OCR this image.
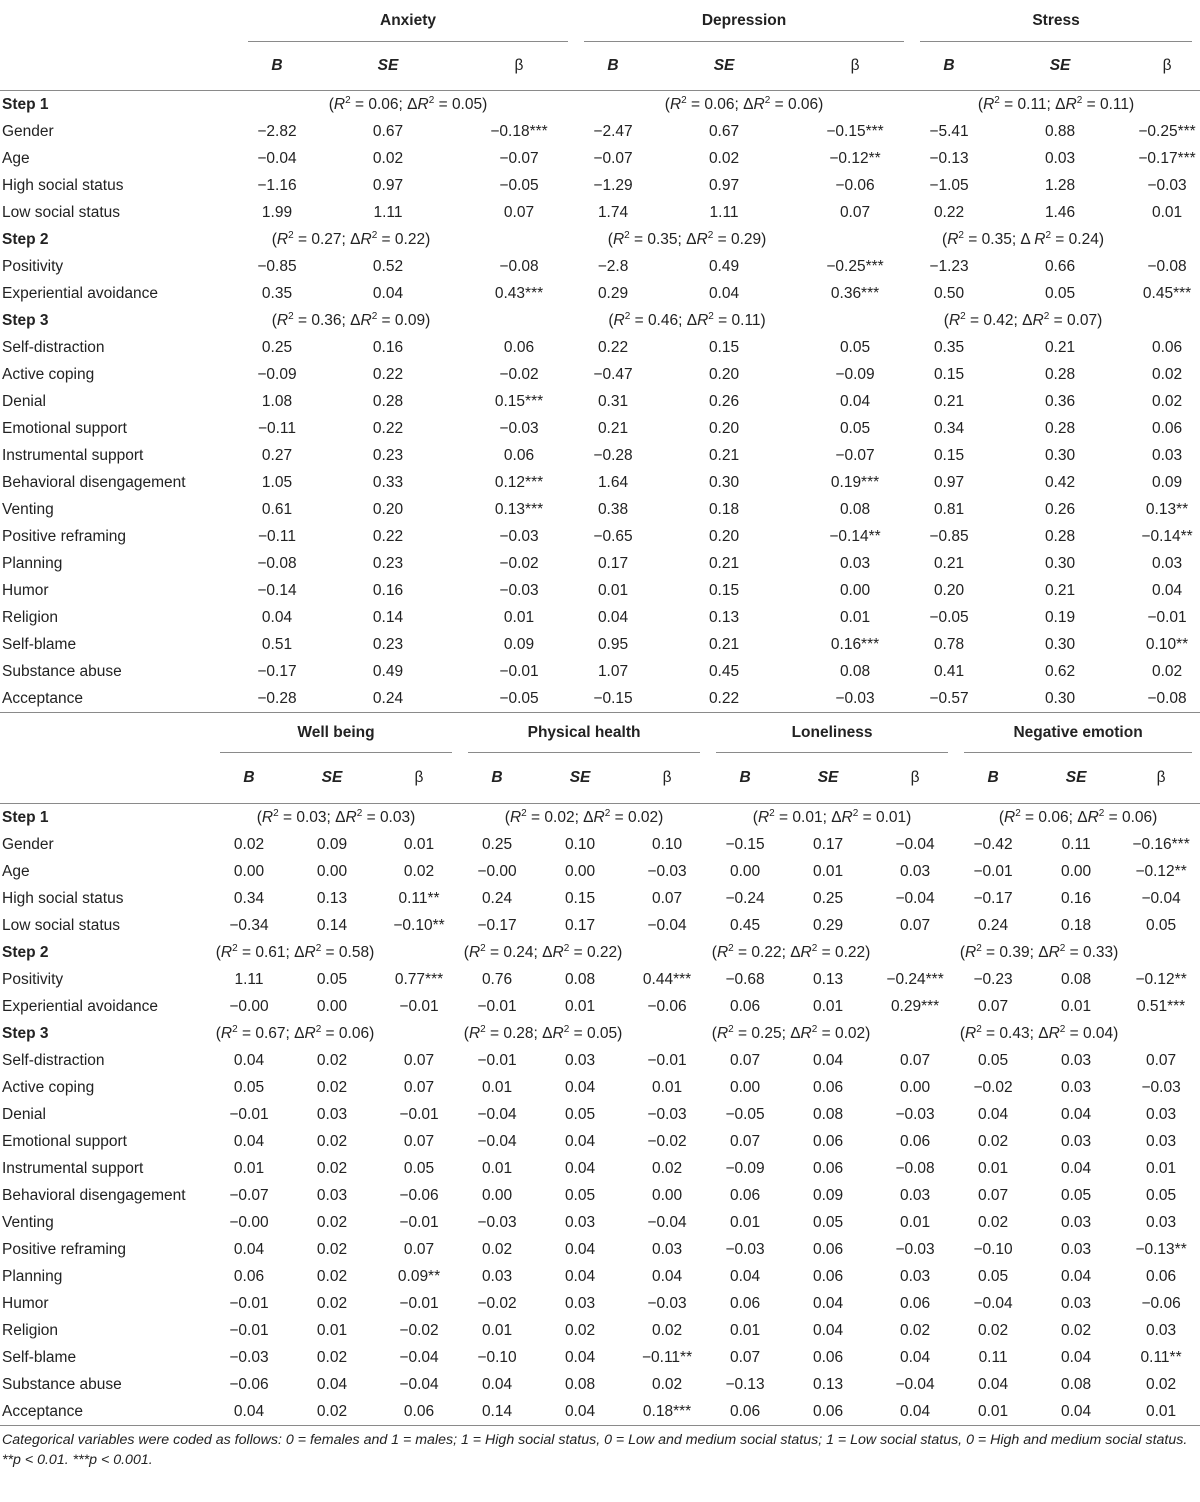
	Anxiety			Depression			Stress		
	B	SE	β	B	SE	β	B	SE	β
Step 1	($R^2 = 0.06$; $\Delta R^2 = 0.05$)			($R^2 = 0.06$; $\Delta R^2 = 0.06$)			($R^2 = 0.11$; $\Delta R^2 = 0.11$)		
Gender	−2.82	0.67	−0.18***	−2.47	0.67	−0.15***	−5.41	0.88	−0.25***
Age	−0.04	0.02	−0.07	−0.07	0.02	−0.12**	−0.13	0.03	−0.17***
High social status	−1.16	0.97	−0.05	−1.29	0.97	−0.06	−1.05	1.28	−0.03
Low social status	1.99	1.11	0.07	1.74	1.11	0.07	0.22	1.46	0.01
Step 2	($R^2 = 0.27$; $\Delta R^2 = 0.22$)			($R^2 = 0.35$; $\Delta R^2 = 0.29$)			($R^2 = 0.35$; Δ $R^2 = 0.24$)		
Positivity	−0.85	0.52	−0.08	−2.8	0.49	−0.25***	−1.23	0.66	−0.08
Experiential avoidance	0.35	0.04	0.43***	0.29	0.04	0.36***	0.50	0.05	0.45***
Step 3	($R^2 = 0.36$; $\Delta R^2 = 0.09$)			($R^2 = 0.46$; $\Delta R^2 = 0.11$)			($R^2 = 0.42$; $\Delta R^2 = 0.07$)		
Self-distraction	0.25	0.16	0.06	0.22	0.15	0.05	0.35	0.21	0.06
Active coping	−0.09	0.22	−0.02	−0.47	0.20	−0.09	0.15	0.28	0.02
Denial	1.08	0.28	0.15***	0.31	0.26	0.04	0.21	0.36	0.02
Emotional support	−0.11	0.22	−0.03	0.21	0.20	0.05	0.34	0.28	0.06
Instrumental support	0.27	0.23	0.06	−0.28	0.21	−0.07	0.15	0.30	0.03
Behavioral disengagement	1.05	0.33	0.12***	1.64	0.30	0.19***	0.97	0.42	0.09
Venting	0.61	0.20	0.13***	0.38	0.18	0.08	0.81	0.26	0.13**
Positive reframing	−0.11	0.22	−0.03	−0.65	0.20	−0.14**	−0.85	0.28	−0.14**
Planning	−0.08	0.23	−0.02	0.17	0.21	0.03	0.21	0.30	0.03
Humor	−0.14	0.16	−0.03	0.01	0.15	0.00	0.20	0.21	0.04
Religion	0.04	0.14	0.01	0.04	0.13	0.01	−0.05	0.19	−0.01
Self-blame	0.51	0.23	0.09	0.95	0.21	0.16***	0.78	0.30	0.10**
Substance abuse	−0.17	0.49	−0.01	1.07	0.45	0.08	0.41	0.62	0.02
Acceptance	−0.28	0.24	−0.05	−0.15	0.22	−0.03	−0.57	0.30	−0.08
	Well being			Physical health			Loneliness			Negative emotion		
	B	SE	β	B	SE	β	B	SE	β	B	SE	β
Step 1	($R^2 = 0.03$; $\Delta R^2 = 0.03$)			($R^2 = 0.02$; $\Delta R^2 = 0.02$)			($R^2 = 0.01$; $\Delta R^2 = 0.01$)			($R^2 = 0.06$; $\Delta R^2 = 0.06$)		
Gender	0.02	0.09	0.01	0.25	0.10	0.10	−0.15	0.17	−0.04	−0.42	0.11	−0.16***
Age	0.00	0.00	0.02	−0.00	0.00	−0.03	0.00	0.01	0.03	−0.01	0.00	−0.12**
High social status	0.34	0.13	0.11**	0.24	0.15	0.07	−0.24	0.25	−0.04	−0.17	0.16	−0.04
Low social status	−0.34	0.14	−0.10**	−0.17	0.17	−0.04	0.45	0.29	0.07	0.24	0.18	0.05
Step 2	($R^2 = 0.61$; $\Delta R^2 = 0.58$)			($R^2 = 0.24$; $\Delta R^2 = 0.22$)			($R^2 = 0.22$; $\Delta R^2 = 0.22$)			($R^2 = 0.39$; $\Delta R^2 = 0.33$)		
Positivity	1.11	0.05	0.77***	0.76	0.08	0.44***	−0.68	0.13	−0.24***	−0.23	0.08	−0.12**
Experiential avoidance	−0.00	0.00	−0.01	−0.01	0.01	−0.06	0.06	0.01	0.29***	0.07	0.01	0.51***
Step 3	($R^2 = 0.67$; $\Delta R^2 = 0.06$)			($R^2 = 0.28$; $\Delta R^2 = 0.05$)			($R^2 = 0.25$; $\Delta R^2 = 0.02$)			($R^2 = 0.43$; $\Delta R^2 = 0.04$)		
Self-distraction	0.04	0.02	0.07	−0.01	0.03	−0.01	0.07	0.04	0.07	0.05	0.03	0.07
Active coping	0.05	0.02	0.07	0.01	0.04	0.01	0.00	0.06	0.00	−0.02	0.03	−0.03
Denial	−0.01	0.03	−0.01	−0.04	0.05	−0.03	−0.05	0.08	−0.03	0.04	0.04	0.03
Emotional support	0.04	0.02	0.07	−0.04	0.04	−0.02	0.07	0.06	0.06	0.02	0.03	0.03
Instrumental support	0.01	0.02	0.05	0.01	0.04	0.02	−0.09	0.06	−0.08	0.01	0.04	0.01
Behavioral disengagement	−0.07	0.03	−0.06	0.00	0.05	0.00	0.06	0.09	0.03	0.07	0.05	0.05
Venting	−0.00	0.02	−0.01	−0.03	0.03	−0.04	0.01	0.05	0.01	0.02	0.03	0.03
Positive reframing	0.04	0.02	0.07	0.02	0.04	0.03	−0.03	0.06	−0.03	−0.10	0.03	−0.13**
Planning	0.06	0.02	0.09**	0.03	0.04	0.04	0.04	0.06	0.03	0.05	0.04	0.06
Humor	−0.01	0.02	−0.01	−0.02	0.03	−0.03	0.06	0.04	0.06	−0.04	0.03	−0.06
Religion	−0.01	0.01	−0.02	0.01	0.02	0.02	0.01	0.04	0.02	0.02	0.02	0.03
Self-blame	−0.03	0.02	−0.04	−0.10	0.04	−0.11**	0.07	0.06	0.04	0.11	0.04	0.11**
Substance abuse	−0.06	0.04	−0.04	0.04	0.08	0.02	−0.13	0.13	−0.04	0.04	0.08	0.02
Acceptance	0.04	0.02	0.06	0.14	0.04	0.18***	0.06	0.06	0.04	0.01	0.04	0.01

Categorical variables were coded as follows: 0 = females and 1 = males; 1 = High social status, 0 = Low and medium social status; 1 = Low social status, 0 = High and medium social status.

**p < 0.01. ***p < 0.001.
